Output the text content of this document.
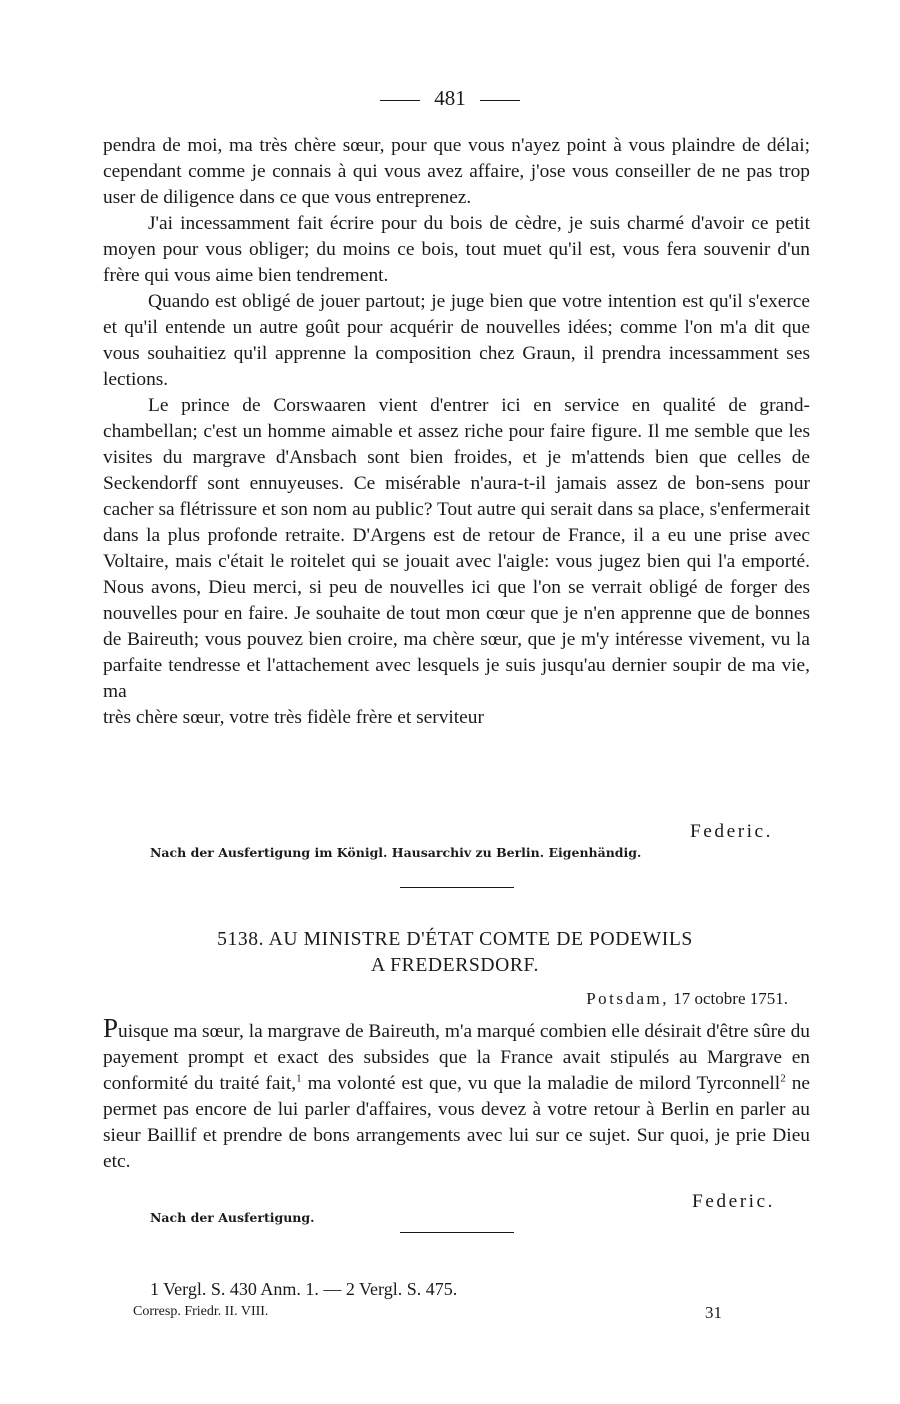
481

pendra de moi, ma très chère sœur, pour que vous n'ayez point à vous plaindre de délai; cependant comme je connais à qui vous avez affaire, j'ose vous conseiller de ne pas trop user de diligence dans ce que vous entreprenez.

J'ai incessamment fait écrire pour du bois de cèdre, je suis charmé d'avoir ce petit moyen pour vous obliger; du moins ce bois, tout muet qu'il est, vous fera souvenir d'un frère qui vous aime bien tendrement.

Quando est obligé de jouer partout; je juge bien que votre intention est qu'il s'exerce et qu'il entende un autre goût pour acquérir de nouvelles idées; comme l'on m'a dit que vous souhaitiez qu'il apprenne la composition chez Graun, il prendra incessamment ses lections.

Le prince de Corswaaren vient d'entrer ici en service en qualité de grand-chambellan; c'est un homme aimable et assez riche pour faire figure. Il me semble que les visites du margrave d'Ansbach sont bien froides, et je m'attends bien que celles de Seckendorff sont ennuyeuses. Ce misérable n'aura-t-il jamais assez de bon-sens pour cacher sa flétrissure et son nom au public? Tout autre qui serait dans sa place, s'enfermerait dans la plus profonde retraite. D'Argens est de retour de France, il a eu une prise avec Voltaire, mais c'était le roitelet qui se jouait avec l'aigle: vous jugez bien qui l'a emporté. Nous avons, Dieu merci, si peu de nouvelles ici que l'on se verrait obligé de forger des nouvelles pour en faire. Je souhaite de tout mon cœur que je n'en apprenne que de bonnes de Baireuth; vous pouvez bien croire, ma chère sœur, que je m'y intéresse vivement, vu la parfaite tendresse et l'attachement avec lesquels je suis jusqu'au dernier soupir de ma vie, ma

très chère sœur, votre très fidèle frère et serviteur

Federic.
Nach der Ausfertigung im Königl. Hausarchiv zu Berlin. Eigenhändig.
5138. AU MINISTRE D'ÉTAT COMTE DE PODEWILS
A FREDERSDORF.
Potsdam, 17 octobre 1751.

Puisque ma sœur, la margrave de Baireuth, m'a marqué combien elle désirait d'être sûre du payement prompt et exact des subsides que la France avait stipulés au Margrave en conformité du traité fait,$^1$ ma volonté est que, vu que la maladie de milord Tyrconnell$^2$ ne permet pas encore de lui parler d'affaires, vous devez à votre retour à Berlin en parler au sieur Baillif et prendre de bons arrangements avec lui sur ce sujet. Sur quoi, je prie Dieu etc.

Federic.
Nach der Ausfertigung.
1 Vergl. S. 430 Anm. 1. — 2 Vergl. S. 475.
Corresp. Friedr. II. VIII.	31
